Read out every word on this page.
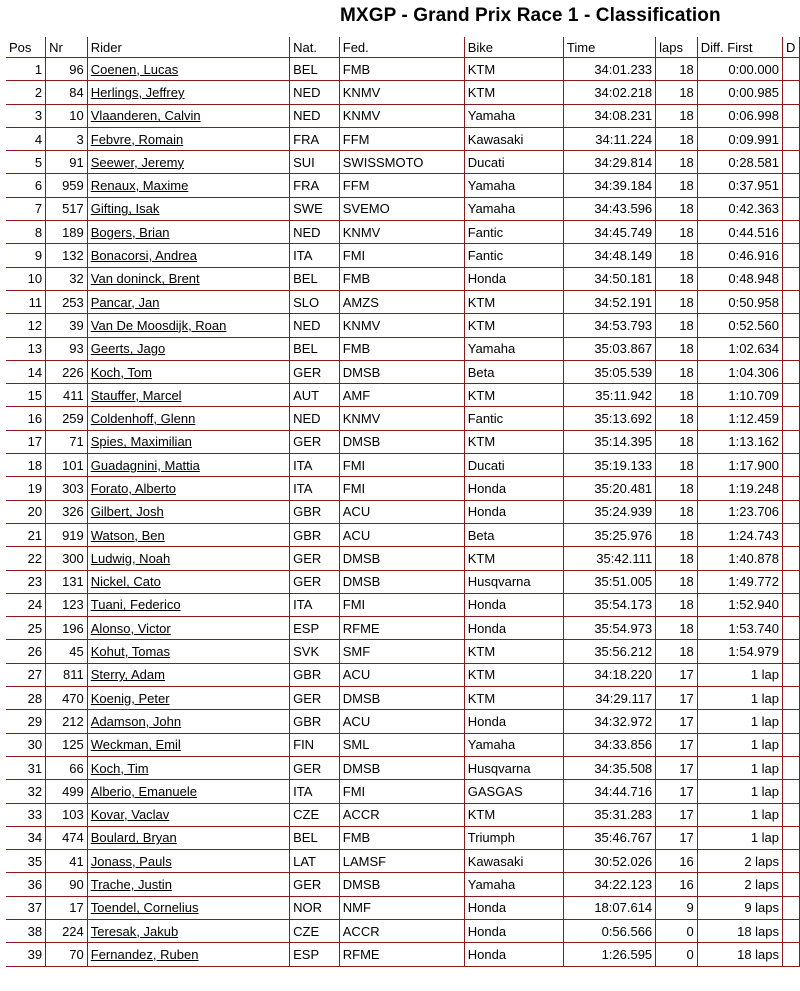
MXGP - Grand Prix Race 1 - Classification
Pos	Nr	Rider	Nat.	Fed.	Bike	Time	laps	Diff. First	D
1	96	Coenen, Lucas	BEL	FMB	KTM	34:01.233	18	0:00.000	
2	84	Herlings, Jeffrey	NED	KNMV	KTM	34:02.218	18	0:00.985	
3	10	Vlaanderen, Calvin	NED	KNMV	Yamaha	34:08.231	18	0:06.998	
4	3	Febvre, Romain	FRA	FFM	Kawasaki	34:11.224	18	0:09.991	
5	91	Seewer, Jeremy	SUI	SWISSMOTO	Ducati	34:29.814	18	0:28.581	
6	959	Renaux, Maxime	FRA	FFM	Yamaha	34:39.184	18	0:37.951	
7	517	Gifting, Isak	SWE	SVEMO	Yamaha	34:43.596	18	0:42.363	
8	189	Bogers, Brian	NED	KNMV	Fantic	34:45.749	18	0:44.516	
9	132	Bonacorsi, Andrea	ITA	FMI	Fantic	34:48.149	18	0:46.916	
10	32	Van doninck, Brent	BEL	FMB	Honda	34:50.181	18	0:48.948	
11	253	Pancar, Jan	SLO	AMZS	KTM	34:52.191	18	0:50.958	
12	39	Van De Moosdijk, Roan	NED	KNMV	KTM	34:53.793	18	0:52.560	
13	93	Geerts, Jago	BEL	FMB	Yamaha	35:03.867	18	1:02.634	
14	226	Koch, Tom	GER	DMSB	Beta	35:05.539	18	1:04.306	
15	411	Stauffer, Marcel	AUT	AMF	KTM	35:11.942	18	1:10.709	
16	259	Coldenhoff, Glenn	NED	KNMV	Fantic	35:13.692	18	1:12.459	
17	71	Spies, Maximilian	GER	DMSB	KTM	35:14.395	18	1:13.162	
18	101	Guadagnini, Mattia	ITA	FMI	Ducati	35:19.133	18	1:17.900	
19	303	Forato, Alberto	ITA	FMI	Honda	35:20.481	18	1:19.248	
20	326	Gilbert, Josh	GBR	ACU	Honda	35:24.939	18	1:23.706	
21	919	Watson, Ben	GBR	ACU	Beta	35:25.976	18	1:24.743	
22	300	Ludwig, Noah	GER	DMSB	KTM	35:42.111	18	1:40.878	
23	131	Nickel, Cato	GER	DMSB	Husqvarna	35:51.005	18	1:49.772	
24	123	Tuani, Federico	ITA	FMI	Honda	35:54.173	18	1:52.940	
25	196	Alonso, Victor	ESP	RFME	Honda	35:54.973	18	1:53.740	
26	45	Kohut, Tomas	SVK	SMF	KTM	35:56.212	18	1:54.979	
27	811	Sterry, Adam	GBR	ACU	KTM	34:18.220	17	1 lap	
28	470	Koenig, Peter	GER	DMSB	KTM	34:29.117	17	1 lap	
29	212	Adamson, John	GBR	ACU	Honda	34:32.972	17	1 lap	
30	125	Weckman, Emil	FIN	SML	Yamaha	34:33.856	17	1 lap	
31	66	Koch, Tim	GER	DMSB	Husqvarna	34:35.508	17	1 lap	
32	499	Alberio, Emanuele	ITA	FMI	GASGAS	34:44.716	17	1 lap	
33	103	Kovar, Vaclav	CZE	ACCR	KTM	35:31.283	17	1 lap	
34	474	Boulard, Bryan	BEL	FMB	Triumph	35:46.767	17	1 lap	
35	41	Jonass, Pauls	LAT	LAMSF	Kawasaki	30:52.026	16	2 laps	
36	90	Trache, Justin	GER	DMSB	Yamaha	34:22.123	16	2 laps	
37	17	Toendel, Cornelius	NOR	NMF	Honda	18:07.614	9	9 laps	
38	224	Teresak, Jakub	CZE	ACCR	Honda	0:56.566	0	18 laps	
39	70	Fernandez, Ruben	ESP	RFME	Honda	1:26.595	0	18 laps	
